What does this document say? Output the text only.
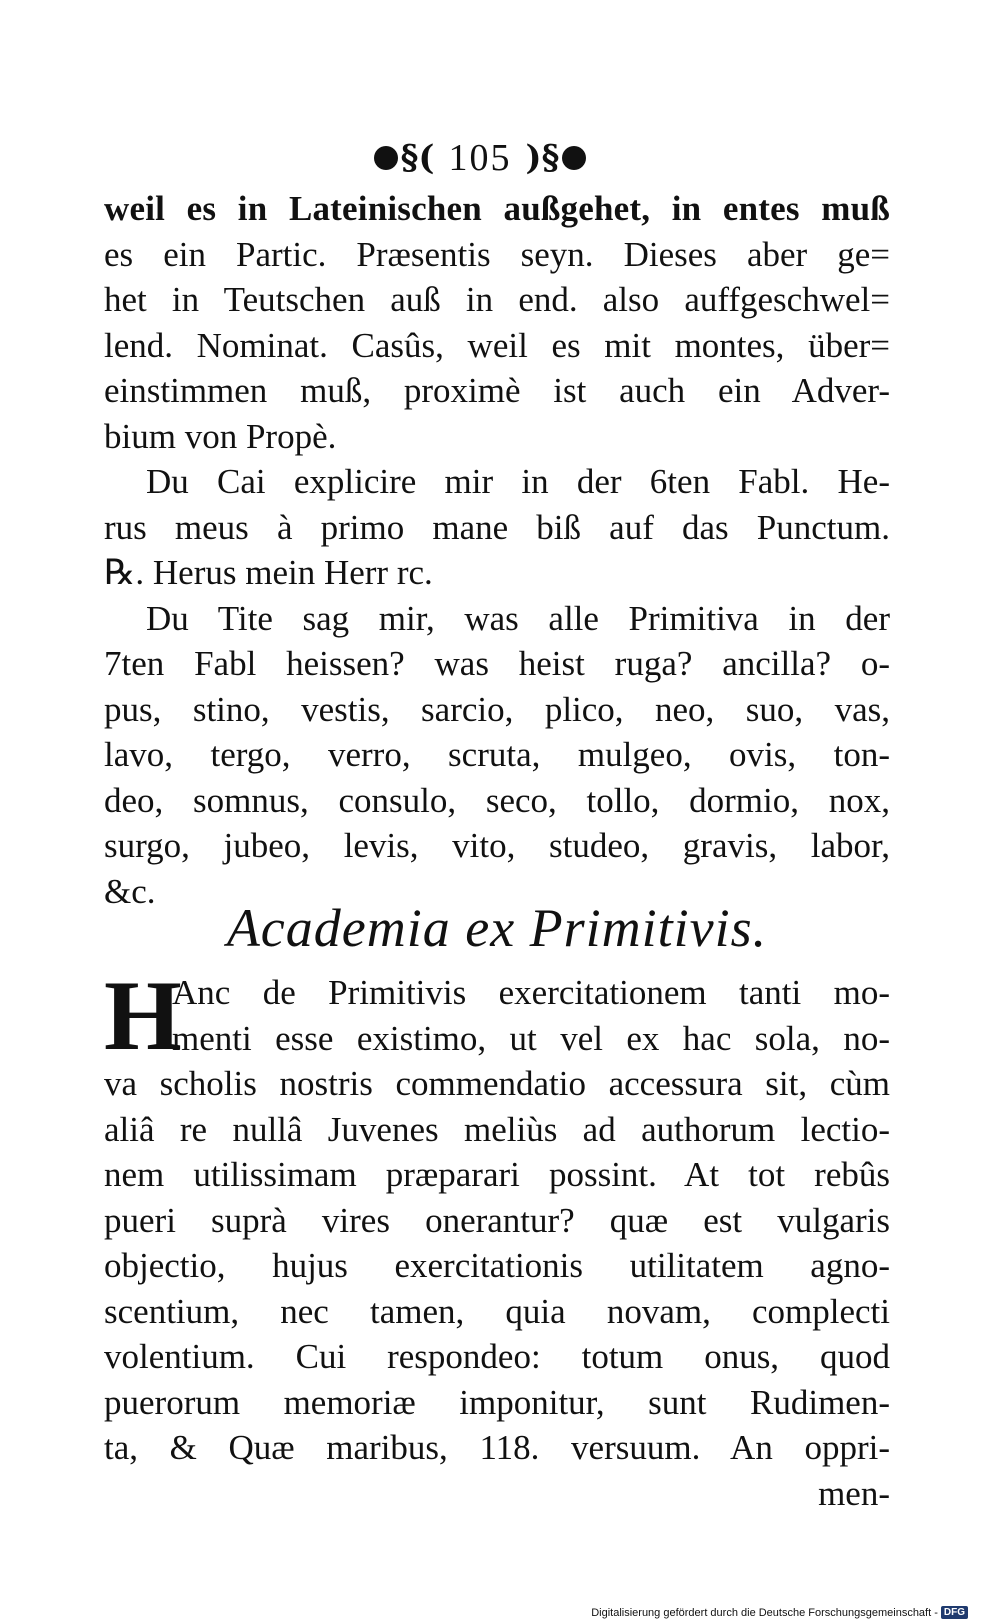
§( 105 )§
weil es in Lateinischen außgehet, in entes muß
es ein Partic. Præsentis seyn. Dieses aber ge=
het in Teutschen auß in end. also auffgeschwel=
lend. Nominat. Casûs, weil es mit montes, über=
einstimmen muß, proximè ist auch ein Adver-
bium von Propè.
Du Cai explicire mir in der 6ten Fabl. He-
rus meus à primo mane biß auf das Punctum.
℞. Herus mein Herr rc.
Du Tite sag mir, was alle Primitiva in der
7ten Fabl heissen? was heist ruga? ancilla? o-
pus, stino, vestis, sarcio, plico, neo, suo, vas,
lavo, tergo, verro, scruta, mulgeo, ovis, ton-
deo, somnus, consulo, seco, tollo, dormio, nox,
surgo, jubeo, levis, vito, studeo, gravis, labor,
&c.
Academia ex Primitivis.
H
Anc de Primitivis exercitationem tanti mo-
menti esse existimo, ut vel ex hac sola, no-
va scholis nostris commendatio accessura sit, cùm
aliâ re nullâ Juvenes meliùs ad authorum lectio-
nem utilissimam præparari possint. At tot rebûs
pueri suprà vires onerantur? quæ est vulgaris
objectio, hujus exercitationis utilitatem agno-
scentium, nec tamen, quia novam, complecti
volentium. Cui respondeo: totum onus, quod
puerorum memoriæ imponitur, sunt Rudimen-
ta, & Quæ maribus, 118. versuum. An oppri-
men-
Digitalisierung gefördert durch die Deutsche Forschungsgemeinschaft - DFG
